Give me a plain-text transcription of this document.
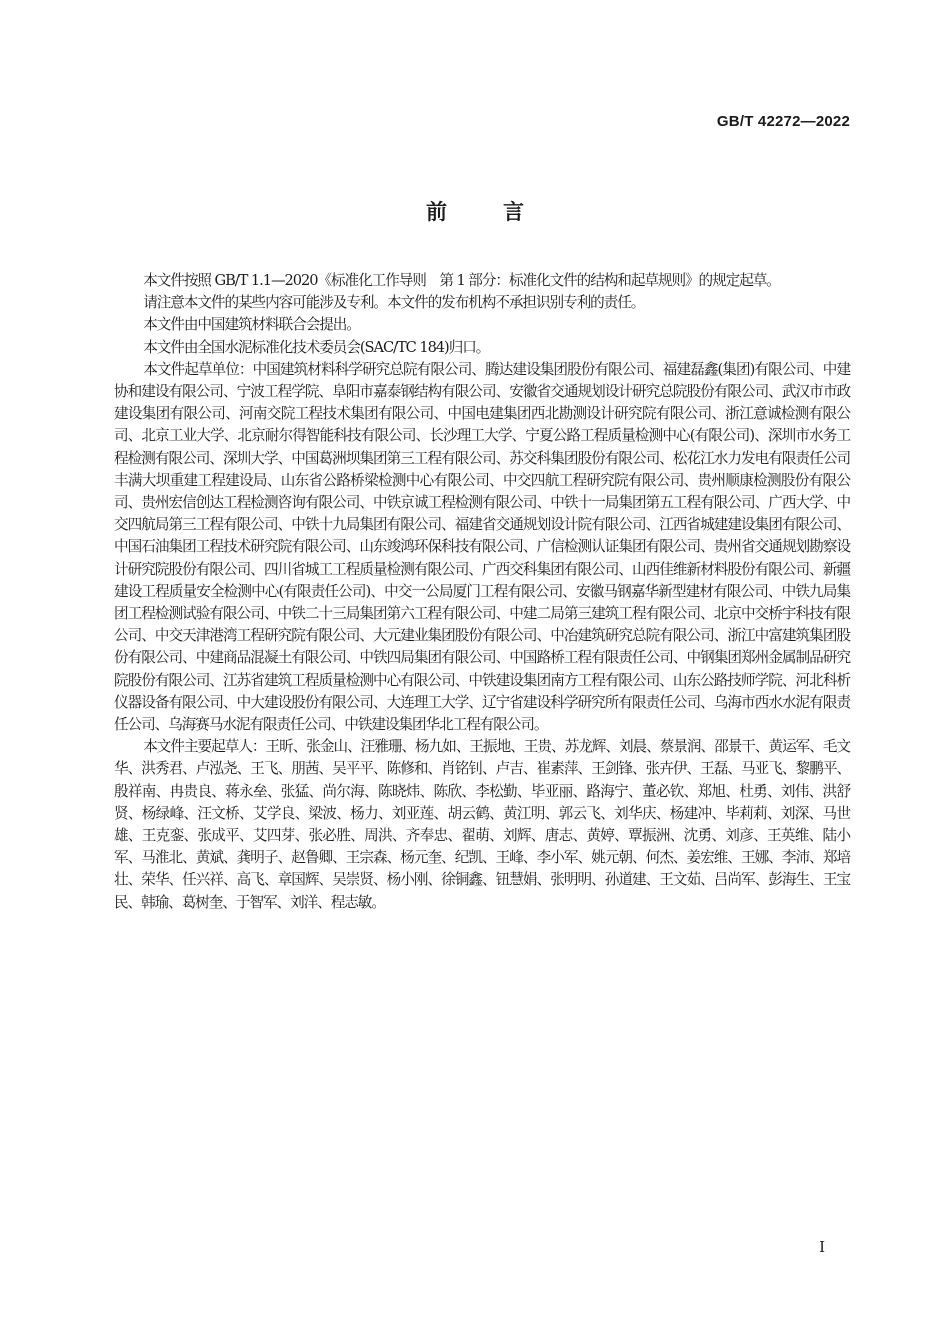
GB/T 42272—2022

前言

本文件按照 GB/T 1.1—2020《标准化工作导则　第 1 部分：标准化文件的结构和起草规则》的规定起草。

请注意本文件的某些内容可能涉及专利。本文件的发布机构不承担识别专利的责任。

本文件由中国建筑材料联合会提出。

本文件由全国水泥标准化技术委员会(SAC/TC 184)归口。

本文件起草单位：中国建筑材料科学研究总院有限公司、腾达建设集团股份有限公司、福建磊鑫(集团)有限公司、中建协和建设有限公司、宁波工程学院、阜阳市嘉泰钢结构有限公司、安徽省交通规划设计研究总院股份有限公司、武汉市市政建设集团有限公司、河南交院工程技术集团有限公司、中国电建集团西北勘测设计研究院有限公司、浙江意诚检测有限公司、北京工业大学、北京耐尔得智能科技有限公司、长沙理工大学、宁夏公路工程质量检测中心(有限公司)、深圳市水务工程检测有限公司、深圳大学、中国葛洲坝集团第三工程有限公司、苏交科集团股份有限公司、松花江水力发电有限责任公司丰满大坝重建工程建设局、山东省公路桥梁检测中心有限公司、中交四航工程研究院有限公司、贵州顺康检测股份有限公司、贵州宏信创达工程检测咨询有限公司、中铁京诚工程检测有限公司、中铁十一局集团第五工程有限公司、广西大学、中交四航局第三工程有限公司、中铁十九局集团有限公司、福建省交通规划设计院有限公司、江西省城建建设集团有限公司、中国石油集团工程技术研究院有限公司、山东竣鸿环保科技有限公司、广信检测认证集团有限公司、贵州省交通规划勘察设计研究院股份有限公司、四川省城工工程质量检测有限公司、广西交科集团有限公司、山西佳维新材料股份有限公司、新疆建设工程质量安全检测中心(有限责任公司)、中交一公局厦门工程有限公司、安徽马钢嘉华新型建材有限公司、中铁九局集团工程检测试验有限公司、中铁二十三局集团第六工程有限公司、中建二局第三建筑工程有限公司、北京中交桥宇科技有限公司、中交天津港湾工程研究院有限公司、大元建业集团股份有限公司、中冶建筑研究总院有限公司、浙江中富建筑集团股份有限公司、中建商品混凝土有限公司、中铁四局集团有限公司、中国路桥工程有限责任公司、中钢集团郑州金属制品研究院股份有限公司、江苏省建筑工程质量检测中心有限公司、中铁建设集团南方工程有限公司、山东公路技师学院、河北科析仪器设备有限公司、中大建设股份有限公司、大连理工大学、辽宁省建设科学研究所有限责任公司、乌海市西水水泥有限责任公司、乌海赛马水泥有限责任公司、中铁建设集团华北工程有限公司。

本文件主要起草人：王昕、张金山、汪雅珊、杨九如、王振地、王贵、苏龙辉、刘晨、蔡景润、邵景干、黄运军、毛文华、洪秀君、卢泓尧、王飞、朋茜、吴平平、陈修和、肖铭钊、卢吉、崔素萍、王剑锋、张卉伊、王磊、马亚飞、黎鹏平、殷祥南、冉贵良、蒋永垒、张猛、尚尔海、陈晓炜、陈欣、李松勤、毕亚丽、路海宁、董必钦、郑旭、杜勇、刘伟、洪舒贤、杨绿峰、汪文桥、艾学良、梁波、杨力、刘亚莲、胡云鹤、黄江明、郭云飞、刘华庆、杨建冲、毕莉莉、刘深、马世雄、王克銮、张成平、艾四芽、张必胜、周洪、齐奉忠、翟萌、刘辉、唐志、黄婷、覃振洲、沈勇、刘彦、王英维、陆小军、马淮北、黄斌、龚明子、赵鲁卿、王宗森、杨元奎、纪凯、王峰、李小军、姚元朝、何杰、姜宏维、王娜、李沛、郑培壮、荣华、任兴祥、高飞、章国辉、吴崇贤、杨小刚、徐铜鑫、钮慧娟、张明明、孙道建、王文茹、吕尚军、彭海生、王宝民、韩瑜、葛树奎、于智军、刘洋、程志敏。

I
